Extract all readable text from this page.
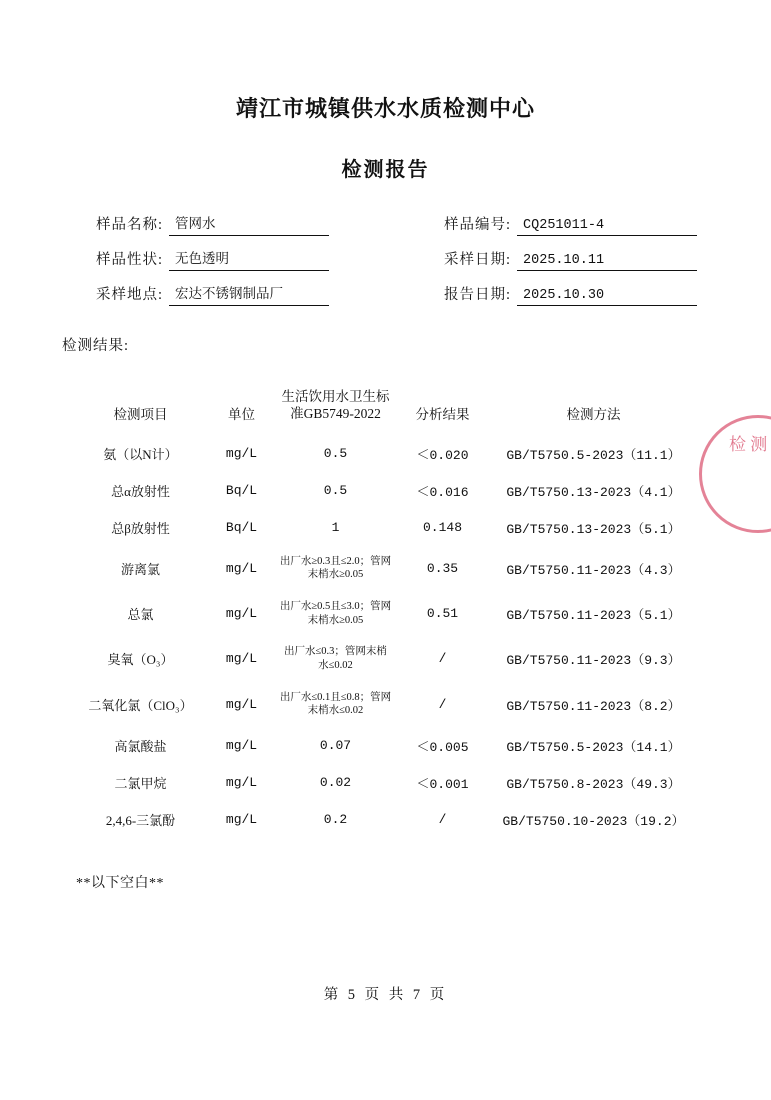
靖江市城镇供水水质检测中心
检测报告
样品名称: 管网水	样品编号: CQ251011-4
样品性状: 无色透明	采样日期: 2025.10.11
采样地点: 宏达不锈钢制品厂	报告日期: 2025.10.30
检测结果:
检测项目	单位	生活饮用水卫生标准GB5749-2022	分析结果	检测方法
氨（以N计）	mg/L	0.5	＜0.020	GB/T5750.5-2023（11.1）
总α放射性	Bq/L	0.5	＜0.016	GB/T5750.13-2023（4.1）
总β放射性	Bq/L	1	0.148	GB/T5750.13-2023（5.1）
游离氯	mg/L	出厂水≥0.3且≤2.0；管网末梢水≥0.05	0.35	GB/T5750.11-2023（4.3）
总氯	mg/L	出厂水≥0.5且≤3.0；管网末梢水≥0.05	0.51	GB/T5750.11-2023（5.1）
臭氧（O₃）	mg/L	出厂水≤0.3；管网末梢水≤0.02	/	GB/T5750.11-2023（9.3）
二氧化氯（ClO₃）	mg/L	出厂水≤0.1且≤0.8；管网末梢水≤0.02	/	GB/T5750.11-2023（8.2）
高氯酸盐	mg/L	0.07	＜0.005	GB/T5750.5-2023（14.1）
二氯甲烷	mg/L	0.02	＜0.001	GB/T5750.8-2023（49.3）
2,4,6-三氯酚	mg/L	0.2	/	GB/T5750.10-2023（19.2）
**以下空白**
第 5 页 共 7 页
检 测
